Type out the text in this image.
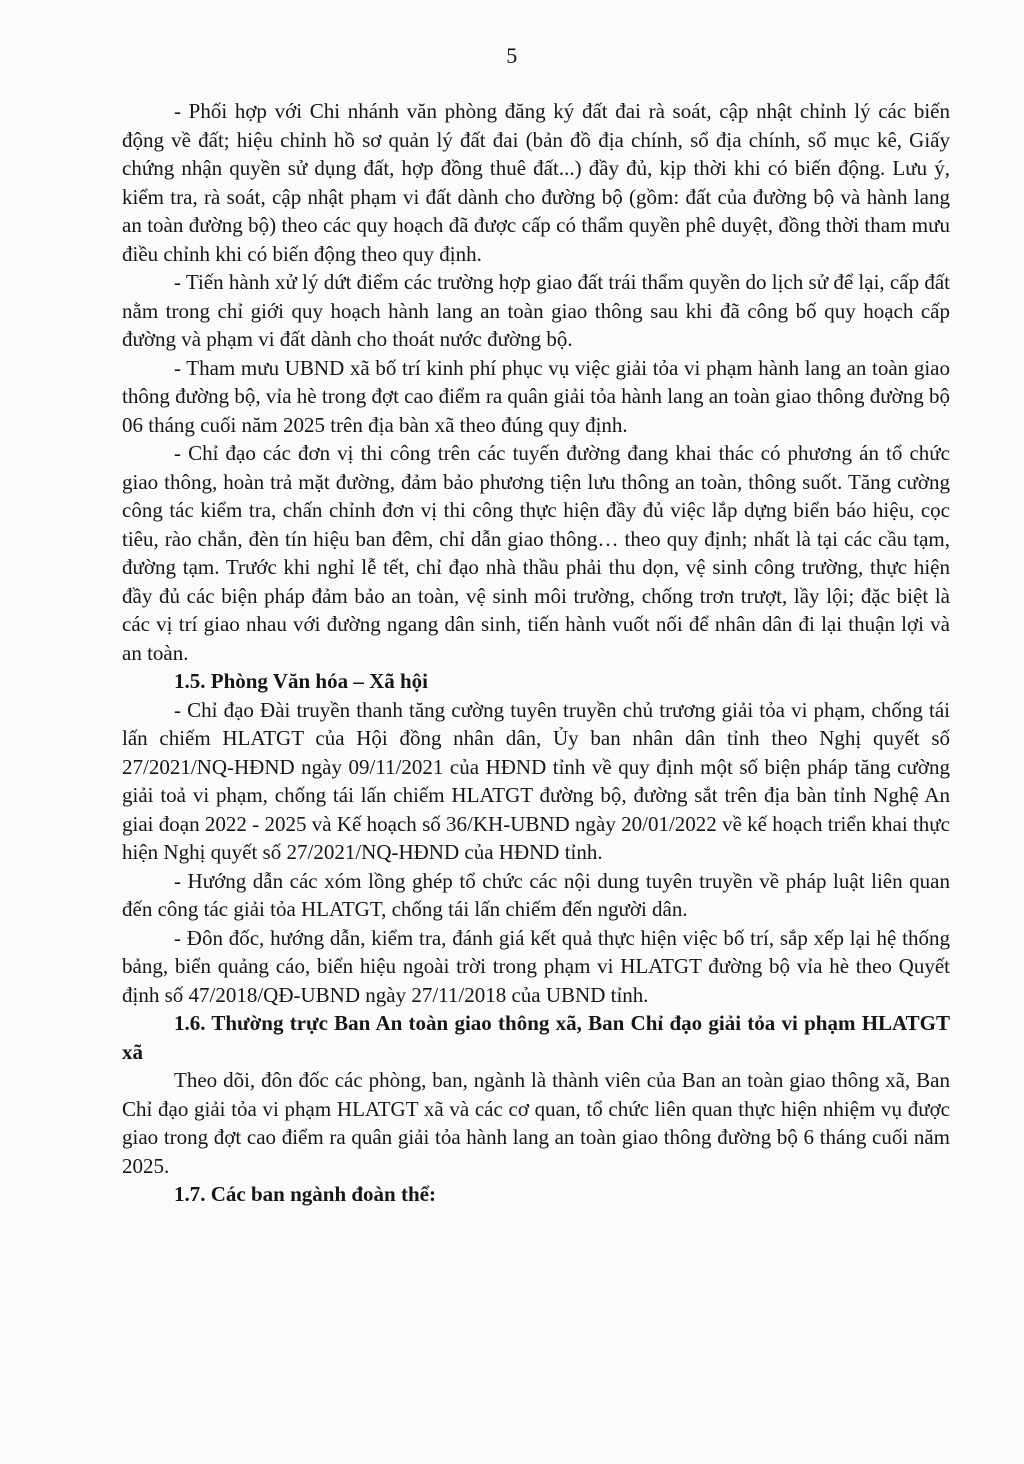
5

- Phối hợp với Chi nhánh văn phòng đăng ký đất đai rà soát, cập nhật chỉnh lý các biến động về đất; hiệu chỉnh hồ sơ quản lý đất đai (bản đồ địa chính, sổ địa chính, sổ mục kê, Giấy chứng nhận quyền sử dụng đất, hợp đồng thuê đất...) đầy đủ, kịp thời khi có biến động. Lưu ý, kiểm tra, rà soát, cập nhật phạm vi đất dành cho đường bộ (gồm: đất của đường bộ và hành lang an toàn đường bộ) theo các quy hoạch đã được cấp có thẩm quyền phê duyệt, đồng thời tham mưu điều chỉnh khi có biến động theo quy định.

- Tiến hành xử lý dứt điểm các trường hợp giao đất trái thẩm quyền do lịch sử để lại, cấp đất nằm trong chỉ giới quy hoạch hành lang an toàn giao thông sau khi đã công bố quy hoạch cấp đường và phạm vi đất dành cho thoát nước đường bộ.

- Tham mưu UBND xã bố trí kinh phí phục vụ việc giải tỏa vi phạm hành lang an toàn giao thông đường bộ, vỉa hè trong đợt cao điểm ra quân giải tỏa hành lang an toàn giao thông đường bộ 06 tháng cuối năm 2025 trên địa bàn xã theo đúng quy định.

- Chỉ đạo các đơn vị thi công trên các tuyến đường đang khai thác có phương án tổ chức giao thông, hoàn trả mặt đường, đảm bảo phương tiện lưu thông an toàn, thông suốt. Tăng cường công tác kiểm tra, chấn chỉnh đơn vị thi công thực hiện đầy đủ việc lắp dựng biển báo hiệu, cọc tiêu, rào chắn, đèn tín hiệu ban đêm, chỉ dẫn giao thông… theo quy định; nhất là tại các cầu tạm, đường tạm. Trước khi nghỉ lễ tết, chỉ đạo nhà thầu phải thu dọn, vệ sinh công trường, thực hiện đầy đủ các biện pháp đảm bảo an toàn, vệ sinh môi trường, chống trơn trượt, lầy lội; đặc biệt là các vị trí giao nhau với đường ngang dân sinh, tiến hành vuốt nối để nhân dân đi lại thuận lợi và an toàn.

1.5. Phòng Văn hóa – Xã hội

- Chỉ đạo Đài truyền thanh tăng cường tuyên truyền chủ trương giải tỏa vi phạm, chống tái lấn chiếm HLATGT của Hội đồng nhân dân, Ủy ban nhân dân tỉnh theo Nghị quyết số 27/2021/NQ-HĐND ngày 09/11/2021 của HĐND tỉnh về quy định một số biện pháp tăng cường giải toả vi phạm, chống tái lấn chiếm HLATGT đường bộ, đường sắt trên địa bàn tỉnh Nghệ An giai đoạn 2022 - 2025 và Kế hoạch số 36/KH-UBND ngày 20/01/2022 về kế hoạch triển khai thực hiện Nghị quyết số 27/2021/NQ-HĐND của HĐND tỉnh.

- Hướng dẫn các xóm lồng ghép tổ chức các nội dung tuyên truyền về pháp luật liên quan đến công tác giải tỏa HLATGT, chống tái lấn chiếm đến người dân.

- Đôn đốc, hướng dẫn, kiểm tra, đánh giá kết quả thực hiện việc bố trí, sắp xếp lại hệ thống bảng, biển quảng cáo, biển hiệu ngoài trời trong phạm vi HLATGT đường bộ vỉa hè theo Quyết định số 47/2018/QĐ-UBND ngày 27/11/2018 của UBND tỉnh.

1.6. Thường trực Ban An toàn giao thông xã, Ban Chỉ đạo giải tỏa vi phạm HLATGT xã

Theo dõi, đôn đốc các phòng, ban, ngành là thành viên của Ban an toàn giao thông xã, Ban Chỉ đạo giải tỏa vi phạm HLATGT xã và các cơ quan, tổ chức liên quan thực hiện nhiệm vụ được giao trong đợt cao điểm ra quân giải tỏa hành lang an toàn giao thông đường bộ 6 tháng cuối năm 2025.

1.7. Các ban ngành đoàn thể:
